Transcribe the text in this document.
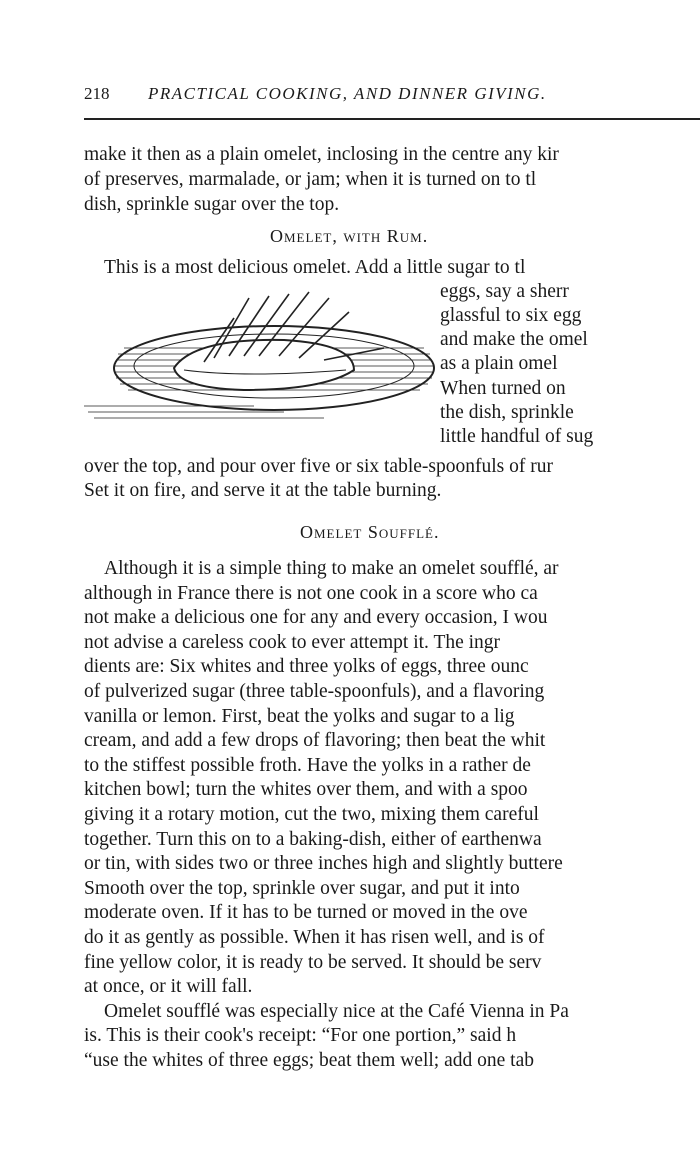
218 PRACTICAL COOKING, AND DINNER GIVING.
make it then as a plain omelet, inclosing in the centre any kir
of preserves, marmalade, or jam; when it is turned on to tl
dish, sprinkle sugar over the top.
Omelet, with Rum.
This is a most delicious omelet. Add a little sugar to tl
eggs, say a sherr
glassful to six egg
and make the omel
as a plain omel
When turned on
the dish, sprinkle
little handful of sug
over the top, and pour over five or six table-spoonfuls of rur
Set it on fire, and serve it at the table burning.
Omelet Soufflé.
Although it is a simple thing to make an omelet soufflé, ar
although in France there is not one cook in a score who ca
not make a delicious one for any and every occasion, I wou
not advise a careless cook to ever attempt it. The ingr
dients are: Six whites and three yolks of eggs, three ounc
of pulverized sugar (three table-spoonfuls), and a flavoring
vanilla or lemon. First, beat the yolks and sugar to a lig
cream, and add a few drops of flavoring; then beat the whit
to the stiffest possible froth. Have the yolks in a rather de
kitchen bowl; turn the whites over them, and with a spoo
giving it a rotary motion, cut the two, mixing them careful
together. Turn this on to a baking-dish, either of earthenwa
or tin, with sides two or three inches high and slightly buttere
Smooth over the top, sprinkle over sugar, and put it into
moderate oven. If it has to be turned or moved in the ove
do it as gently as possible. When it has risen well, and is of
fine yellow color, it is ready to be served. It should be serv
at once, or it will fall.
Omelet soufflé was especially nice at the Café Vienna in Pa
is. This is their cook's receipt: “For one portion,” said h
“use the whites of three eggs; beat them well; add one tab
